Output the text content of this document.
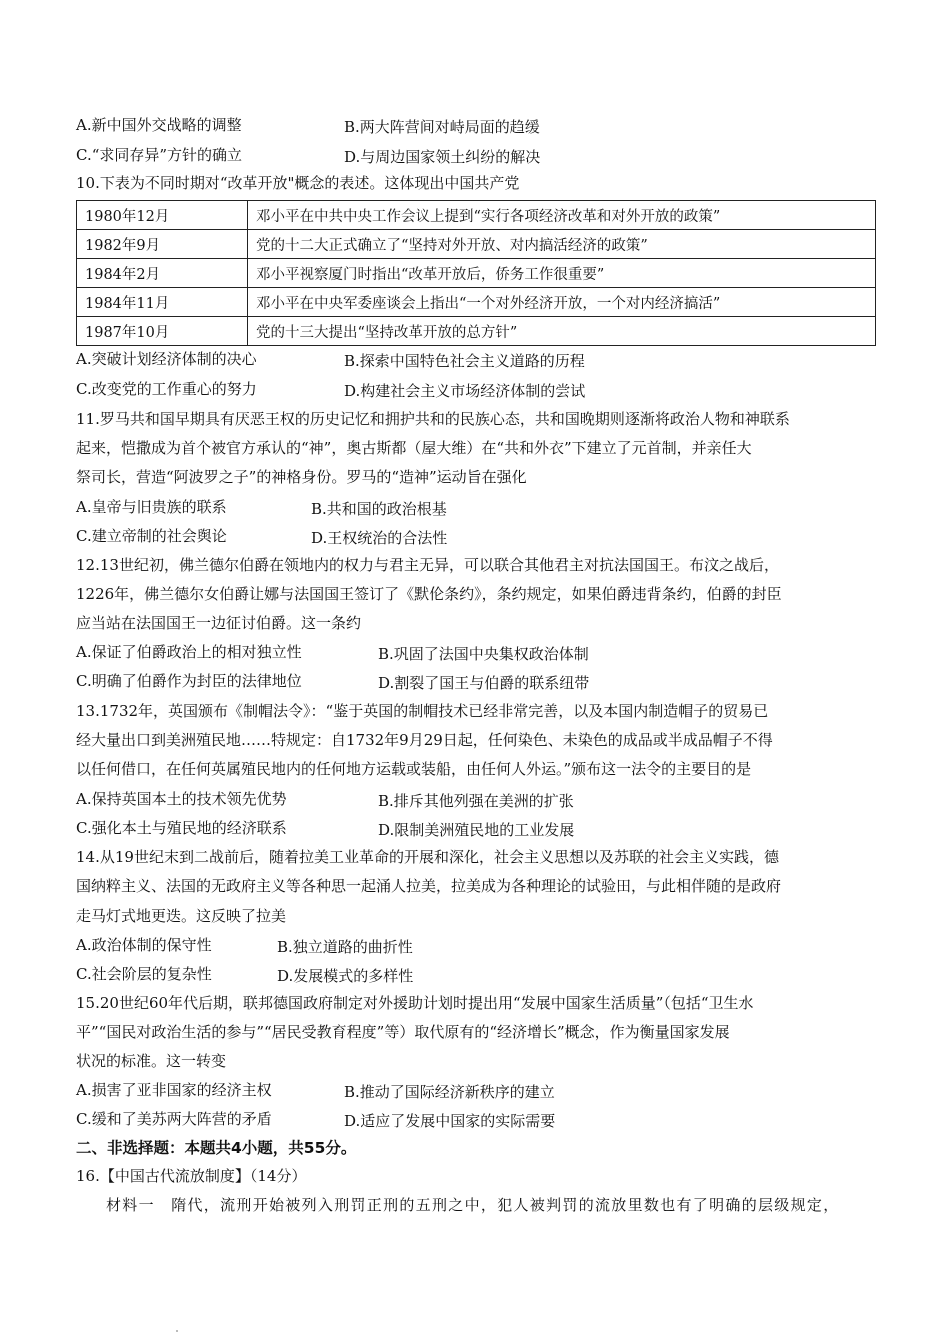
A.新中国外交战略的调整	B.两大阵营间对峙局面的趋缓
C.“求同存异”方针的确立	D.与周边国家领土纠纷的解决
10.下表为不同时期对“改革开放"概念的表述。这体现出中国共产党
1980年12月	邓小平在中共中央工作会议上提到“实行各项经济改革和对外开放的政策”
1982年9月	党的十二大正式确立了“坚持对外开放、对内搞活经济的政策”
1984年2月	邓小平视察厦门时指出“改革开放后，侨务工作很重要”
1984年11月	邓小平在中央军委座谈会上指出“一个对外经济开放，一个对内经济搞活”
1987年10月	党的十三大提出“坚持改革开放的总方针”
A.突破计划经济体制的决心	B.探索中国特色社会主义道路的历程
C.改变党的工作重心的努力	D.构建社会主义市场经济体制的尝试
11.罗马共和国早期具有厌恶王权的历史记忆和拥护共和的民族心态，共和国晚期则逐渐将政治人物和神联系
起来，恺撒成为首个被官方承认的“神”，奥古斯都（屋大维）在“共和外衣”下建立了元首制，并亲任大
祭司长，营造“阿波罗之子”的神格身份。罗马的“造神”运动旨在强化
A.皇帝与旧贵族的联系	B.共和国的政治根基
C.建立帝制的社会舆论	D.王权统治的合法性
12.13世纪初，佛兰德尔伯爵在领地内的权力与君主无异，可以联合其他君主对抗法国国王。布汶之战后，
1226年，佛兰德尔女伯爵让娜与法国国王签订了《默伦条约》，条约规定，如果伯爵违背条约，伯爵的封臣
应当站在法国国王一边征讨伯爵。这一条约
A.保证了伯爵政治上的相对独立性	B.巩固了法国中央集权政治体制
C.明确了伯爵作为封臣的法律地位	D.割裂了国王与伯爵的联系纽带
13.1732年，英国颁布《制帽法令》：“鉴于英国的制帽技术已经非常完善，以及本国内制造帽子的贸易已
经大量出口到美洲殖民地……特规定：自1732年9月29日起，任何染色、未染色的成品或半成品帽子不得
以任何借口，在任何英属殖民地内的任何地方运载或装船，由任何人外运。”颁布这一法令的主要目的是
A.保持英国本土的技术领先优势	B.排斥其他列强在美洲的扩张
C.强化本土与殖民地的经济联系	D.限制美洲殖民地的工业发展
14.从19世纪末到二战前后，随着拉美工业革命的开展和深化，社会主义思想以及苏联的社会主义实践，德
国纳粹主义、法国的无政府主义等各种思一起涌人拉美，拉美成为各种理论的试验田，与此相伴随的是政府
走马灯式地更迭。这反映了拉美
A.政治体制的保守性	B.独立道路的曲折性
C.社会阶层的复杂性	D.发展模式的多样性
15.20世纪60年代后期，联邦德国政府制定对外援助计划时提出用“发展中国家生活质量”（包括“卫生水
平”“国民对政治生活的参与”“居民受教育程度”等）取代原有的“经济增长”概念，作为衡量国家发展
状况的标准。这一转变
A.损害了亚非国家的经济主权	B.推动了国际经济新秩序的建立
C.缓和了美苏两大阵营的矛盾	D.适应了发展中国家的实际需要
二、非选择题：本题共4小题，共55分。
16.【中国古代流放制度】（14分）
材料一　隋代，流刑开始被列入刑罚正刑的五刑之中，犯人被判罚的流放里数也有了明确的层级规定，
